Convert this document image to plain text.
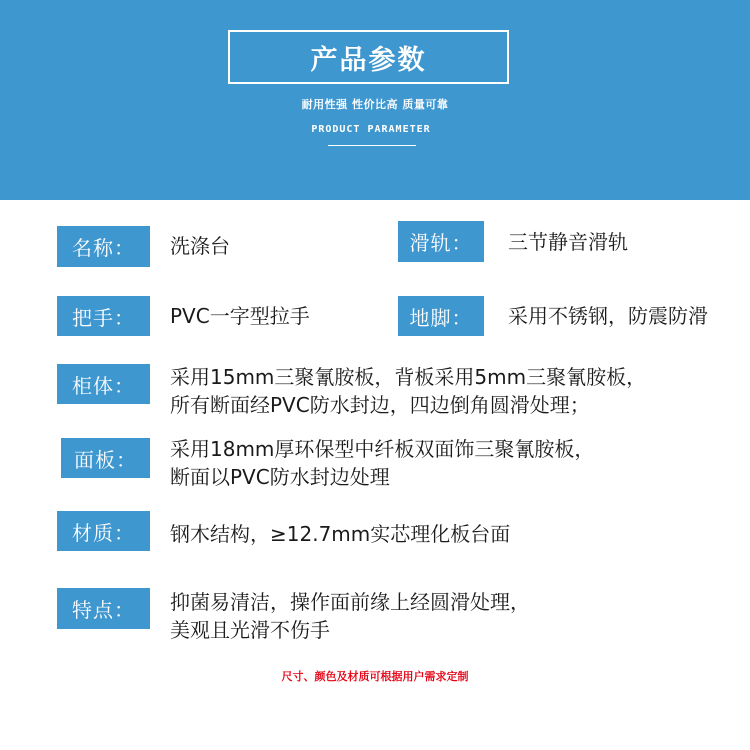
产品参数
耐用性强 性价比高 质量可靠
PRODUCT PARAMETER
名称：	洗涤台	滑轨：	三节静音滑轨
把手：	PVC一字型拉手	地脚：	采用不锈钢，防震防滑
柜体：	采用15mm三聚氰胺板，背板采用5mm三聚氰胺板，
所有断面经PVC防水封边，四边倒角圆滑处理；
面板：	采用18mm厚环保型中纤板双面饰三聚氰胺板，
断面以PVC防水封边处理
材质：	钢木结构，≥12.7mm实芯理化板台面
特点：	抑菌易清洁，操作面前缘上经圆滑处理，
美观且光滑不伤手
尺寸、颜色及材质可根据用户需求定制
